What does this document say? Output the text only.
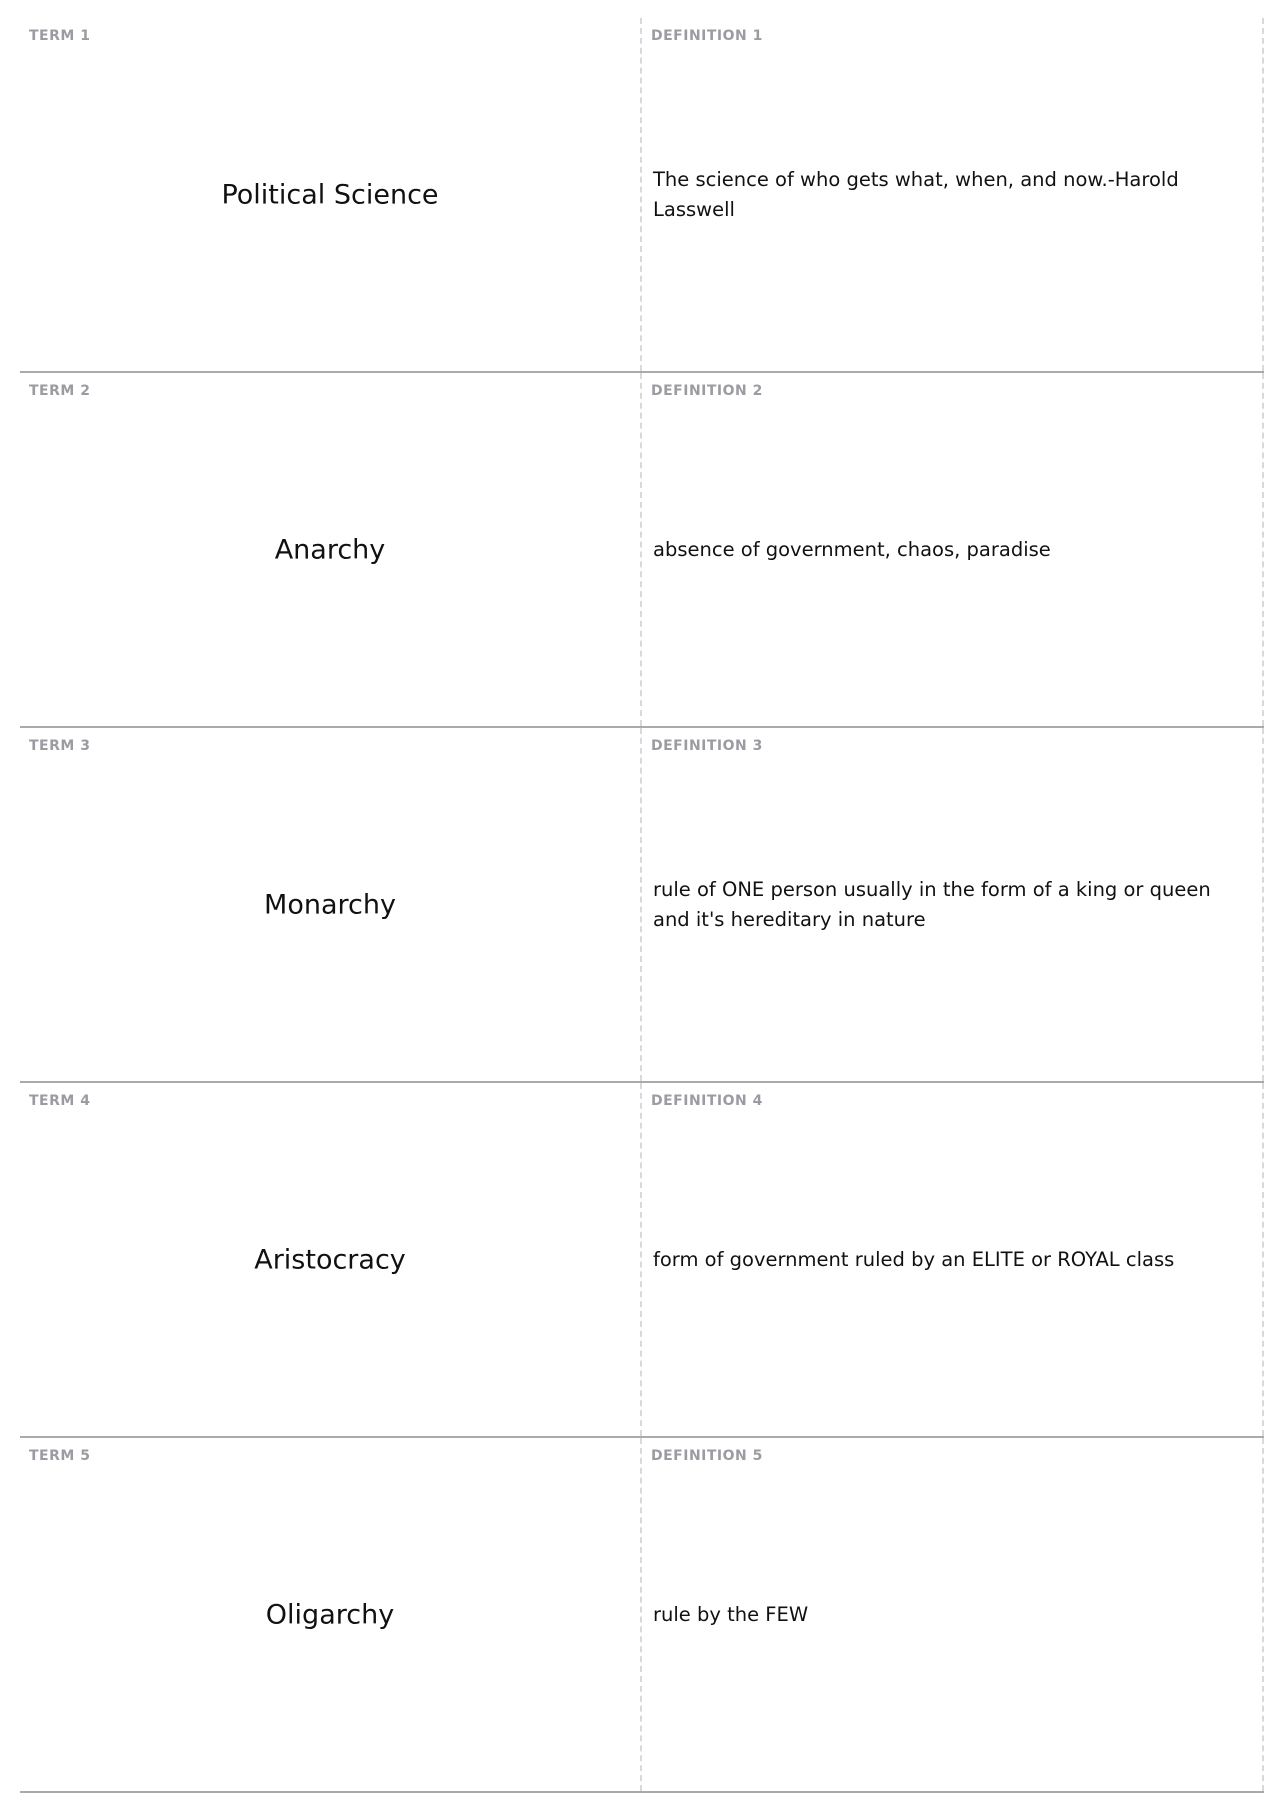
TERM 1
Political Science
DEFINITION 1
The science of who gets what, when, and now.-Harold Lasswell
TERM 2
Anarchy
DEFINITION 2
absence of government, chaos, paradise
TERM 3
Monarchy
DEFINITION 3
rule of ONE person usually in the form of a king or queen and it's hereditary in nature
TERM 4
Aristocracy
DEFINITION 4
form of government ruled by an ELITE or ROYAL class
TERM 5
Oligarchy
DEFINITION 5
rule by the FEW
